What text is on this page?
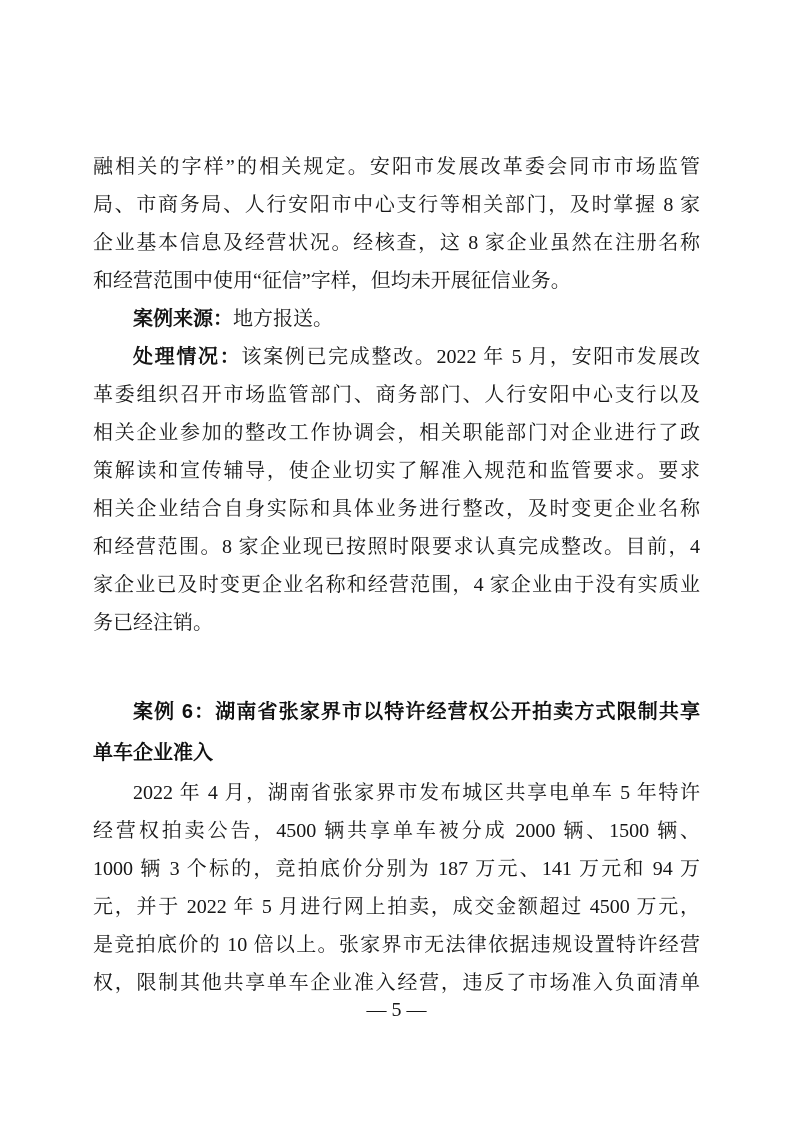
融相关的字样”的相关规定。安阳市发展改革委会同市市场监管

局、市商务局、人行安阳市中心支行等相关部门，及时掌握 8 家

企业基本信息及经营状况。经核查，这 8 家企业虽然在注册名称

和经营范围中使用“征信”字样，但均未开展征信业务。

案例来源：地方报送。

处理情况：该案例已完成整改。2022 年 5 月，安阳市发展改

革委组织召开市场监管部门、商务部门、人行安阳中心支行以及

相关企业参加的整改工作协调会，相关职能部门对企业进行了政

策解读和宣传辅导，使企业切实了解准入规范和监管要求。要求

相关企业结合自身实际和具体业务进行整改，及时变更企业名称

和经营范围。8 家企业现已按照时限要求认真完成整改。目前，4

家企业已及时变更企业名称和经营范围，4 家企业由于没有实质业

务已经注销。

案例 6：湖南省张家界市以特许经营权公开拍卖方式限制共享

单车企业准入

2022 年 4 月，湖南省张家界市发布城区共享电单车 5 年特许

经营权拍卖公告，4500 辆共享单车被分成 2000 辆、1500 辆、

1000 辆 3 个标的，竞拍底价分别为 187 万元、141 万元和 94 万

元，并于 2022 年 5 月进行网上拍卖，成交金额超过 4500 万元，

是竞拍底价的 10 倍以上。张家界市无法律依据违规设置特许经营

权，限制其他共享单车企业准入经营，违反了市场准入负面清单

— 5 —
